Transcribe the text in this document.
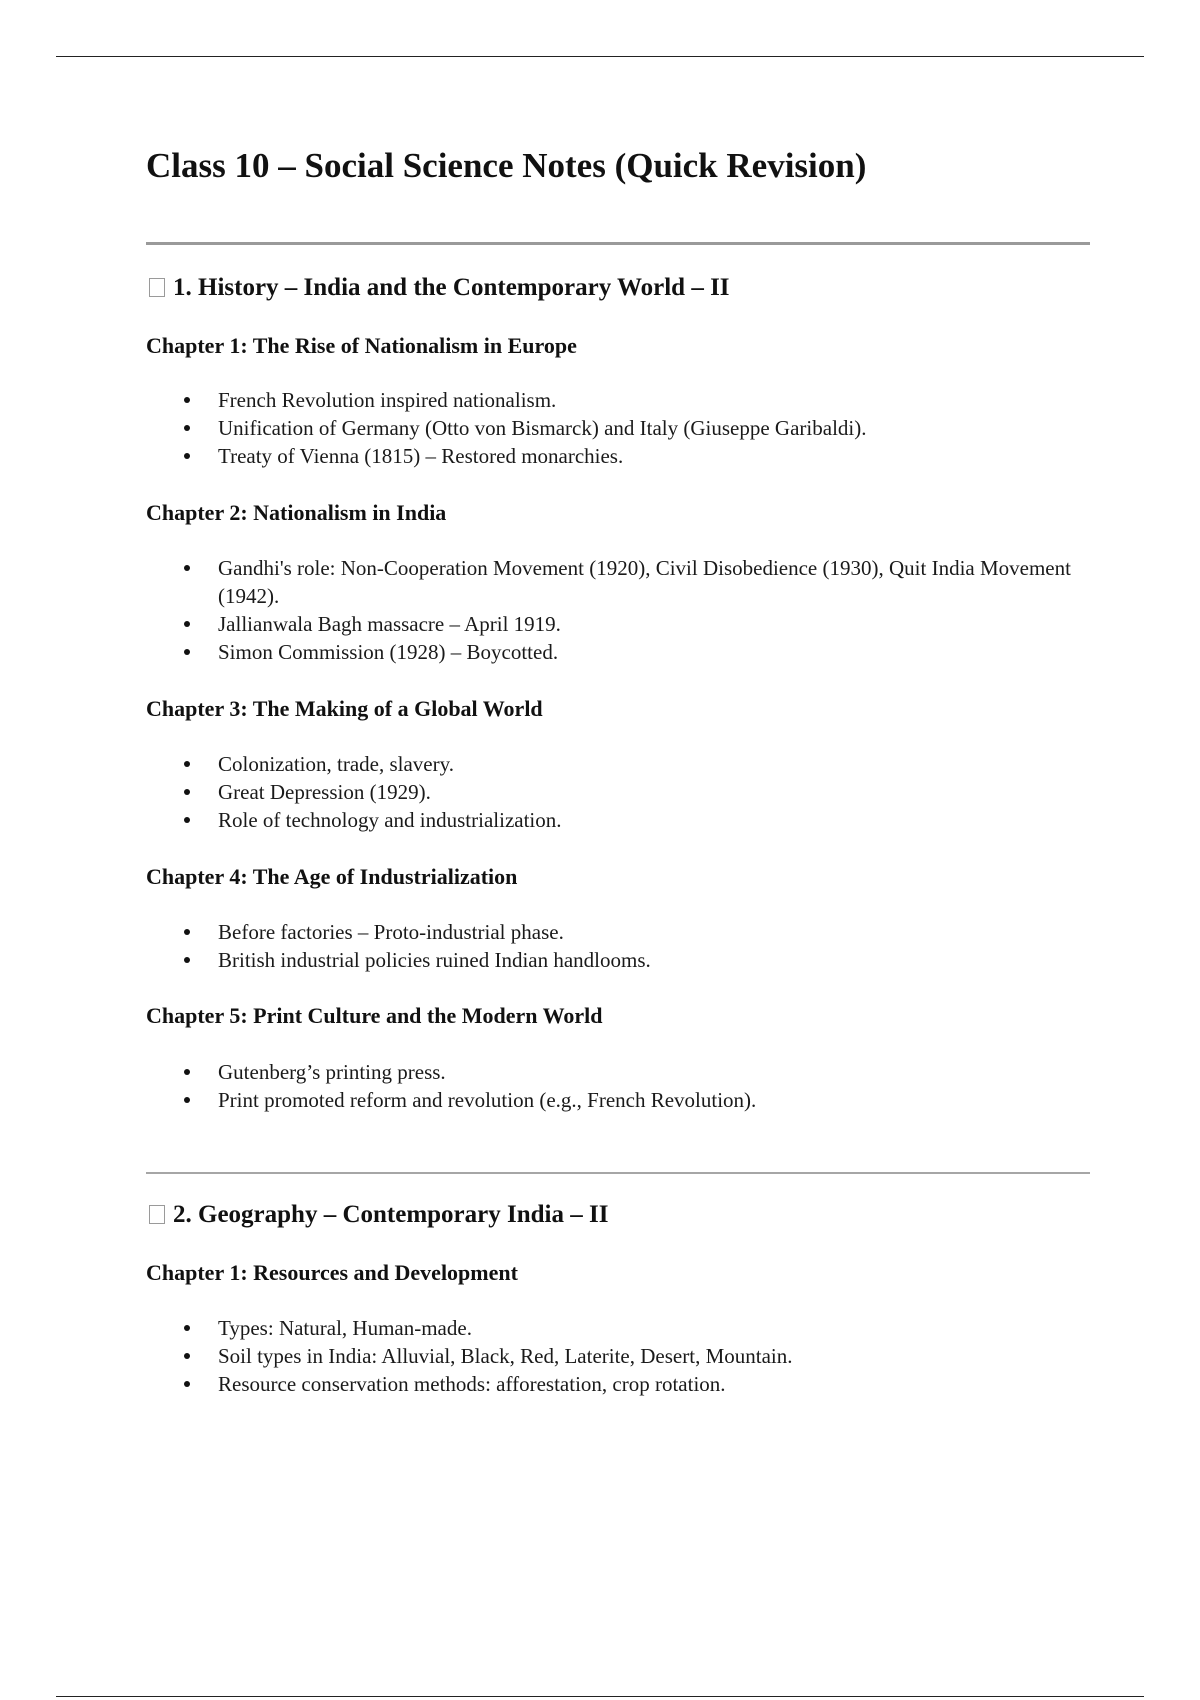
Class 10 – Social Science Notes (Quick Revision)
1. History – India and the Contemporary World – II
Chapter 1: The Rise of Nationalism in Europe
French Revolution inspired nationalism.
Unification of Germany (Otto von Bismarck) and Italy (Giuseppe Garibaldi).
Treaty of Vienna (1815) – Restored monarchies.
Chapter 2: Nationalism in India
Gandhi's role: Non-Cooperation Movement (1920), Civil Disobedience (1930), Quit India Movement (1942).
Jallianwala Bagh massacre – April 1919.
Simon Commission (1928) – Boycotted.
Chapter 3: The Making of a Global World
Colonization, trade, slavery.
Great Depression (1929).
Role of technology and industrialization.
Chapter 4: The Age of Industrialization
Before factories – Proto-industrial phase.
British industrial policies ruined Indian handlooms.
Chapter 5: Print Culture and the Modern World
Gutenberg’s printing press.
Print promoted reform and revolution (e.g., French Revolution).
2. Geography – Contemporary India – II
Chapter 1: Resources and Development
Types: Natural, Human-made.
Soil types in India: Alluvial, Black, Red, Laterite, Desert, Mountain.
Resource conservation methods: afforestation, crop rotation.
